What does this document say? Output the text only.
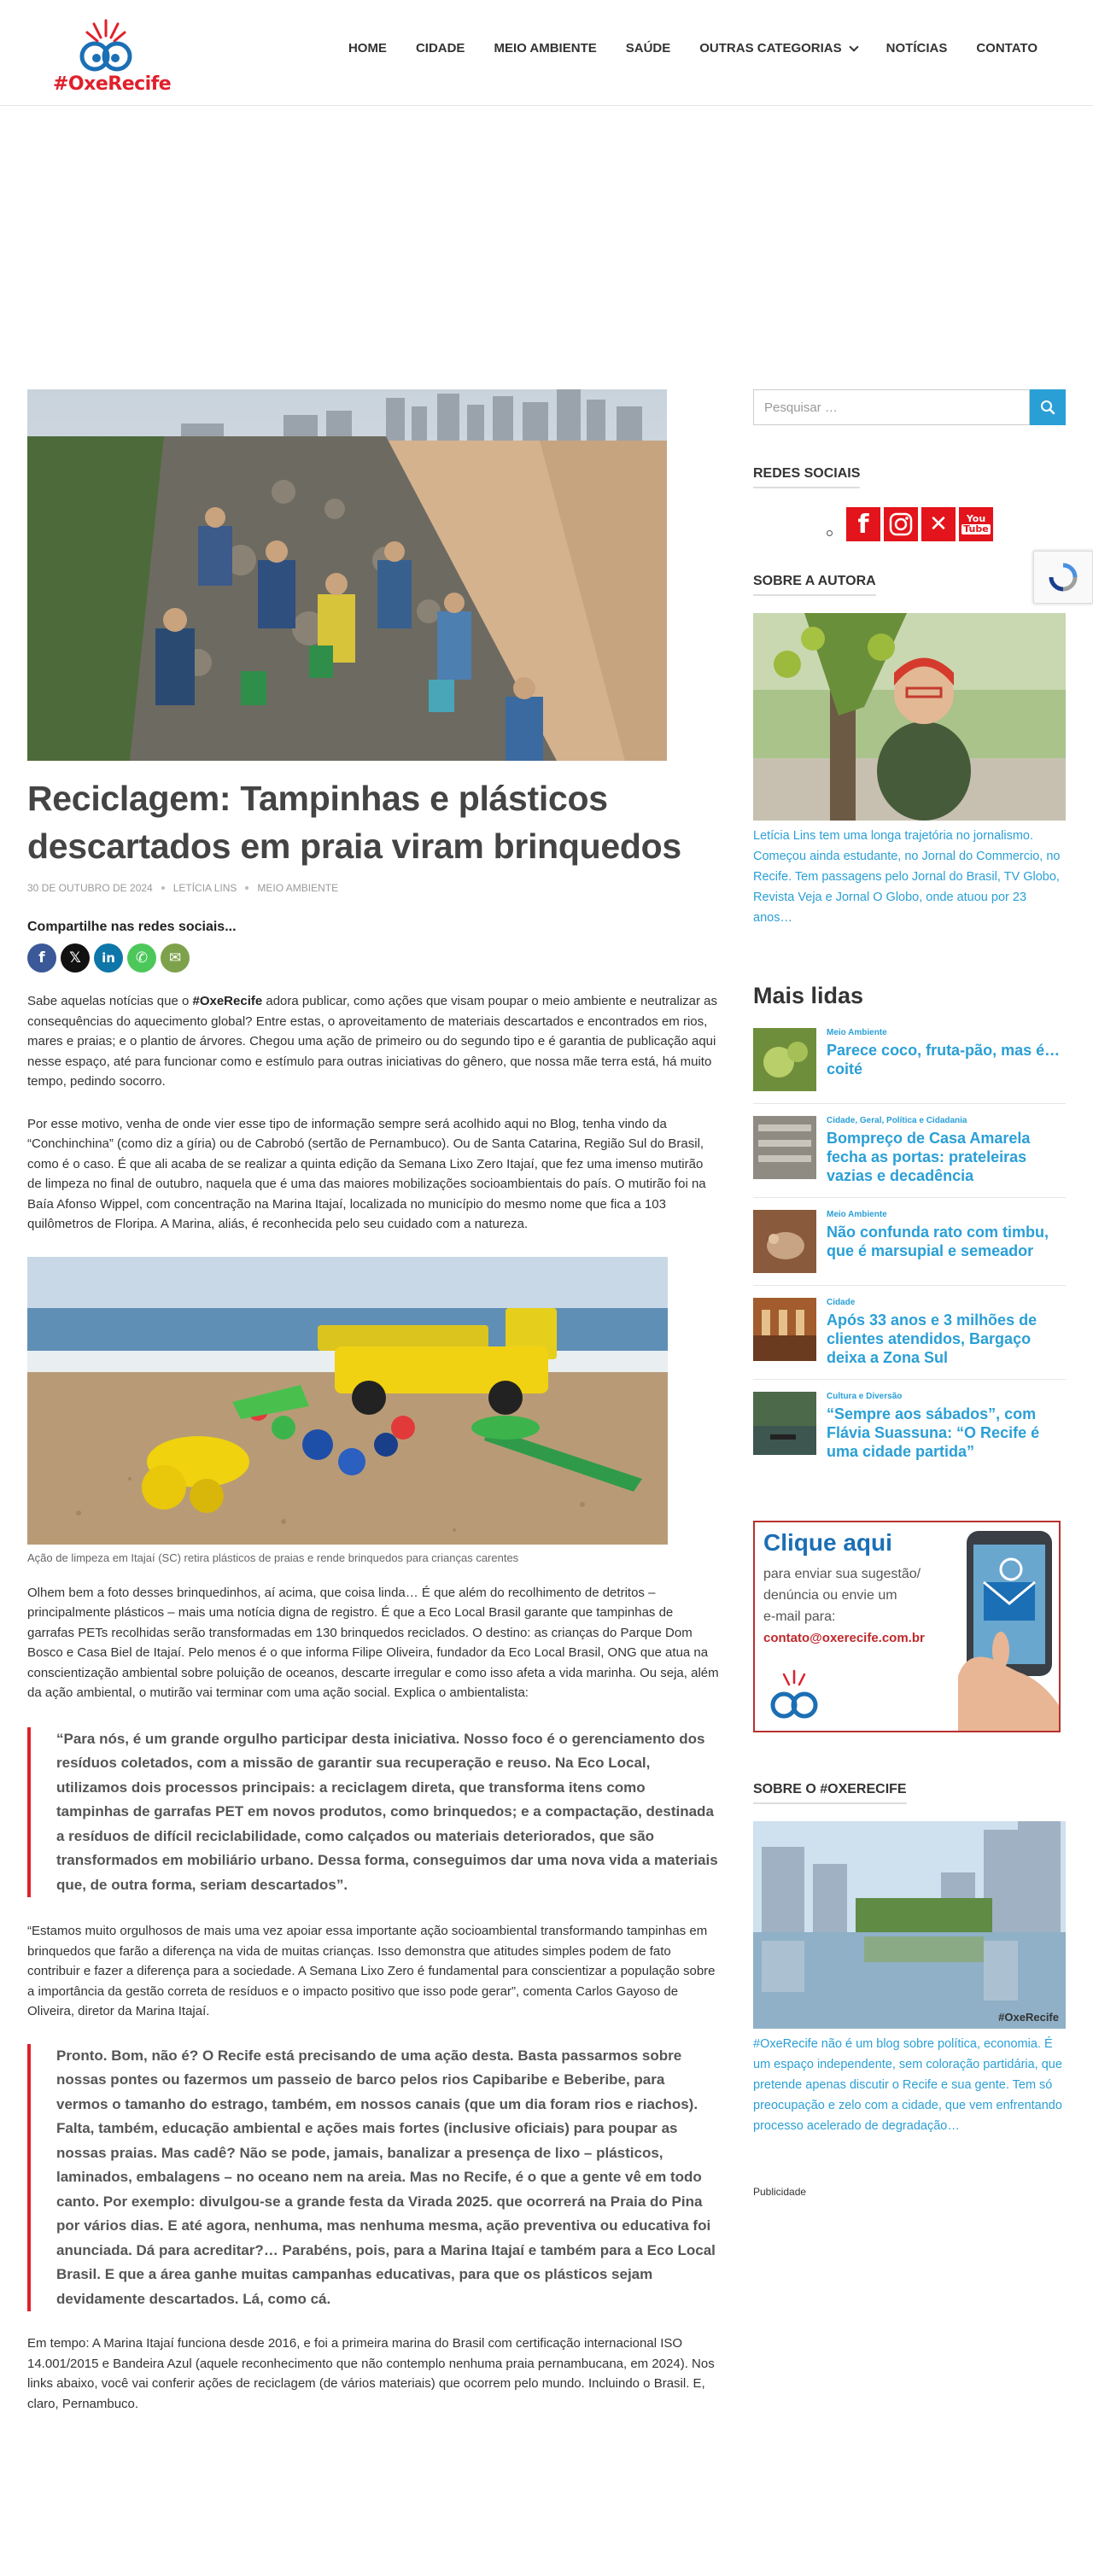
#OxeRecife
HOME	CIDADE	MEIO AMBIENTE	SAÚDE	OUTRAS CATEGORIAS	NOTÍCIAS	CONTATO
Reciclagem: Tampinhas e plásticos descartados em praia viram brinquedos
30 DE OUTUBRO DE 2024 LETÍCIA LINS MEIO AMBIENTE
Compartilhe nas redes sociais...
f	𝕏	in	✆	✉

Sabe aquelas notícias que o #OxeRecife adora publicar, como ações que visam poupar o meio ambiente e neutralizar as consequências do aquecimento global? Entre estas, o aproveitamento de materiais descartados e encontrados em rios, mares e praias; e o plantio de árvores. Chegou uma ação de primeiro ou do segundo tipo e é garantia de publicação aqui nesse espaço, até para funcionar como e estímulo para outras iniciativas do gênero, que nossa mãe terra está, há muito tempo, pedindo socorro.

Por esse motivo, venha de onde vier esse tipo de informação sempre será acolhido aqui no Blog, tenha vindo da “Conchinchina” (como diz a gíria) ou de Cabrobó (sertão de Pernambuco). Ou de Santa Catarina, Região Sul do Brasil, como é o caso. É que ali acaba de se realizar a quinta edição da Semana Lixo Zero Itajaí, que fez uma imenso mutirão de limpeza no final de outubro, naquela que é uma das maiores mobilizações socioambientais do país. O mutirão foi na Baía Afonso Wippel, com concentração na Marina Itajaí, localizada no município do mesmo nome que fica a 103 quilômetros de Floripa. A Marina, aliás, é reconhecida pelo seu cuidado com a natureza.

Ação de limpeza em Itajaí (SC) retira plásticos de praias e rende brinquedos para crianças carentes

Olhem bem a foto desses brinquedinhos, aí acima, que coisa linda… É que além do recolhimento de detritos – principalmente plásticos – mais uma notícia digna de registro. É que a Eco Local Brasil garante que tampinhas de garrafas PETs recolhidas serão transformadas em 130 brinquedos reciclados. O destino: as crianças do Parque Dom Bosco e Casa Biel de Itajaí. Pelo menos é o que informa Filipe Oliveira, fundador da Eco Local Brasil, ONG que atua na conscientização ambiental sobre poluição de oceanos, descarte irregular e como isso afeta a vida marinha. Ou seja, além da ação ambiental, o mutirão vai terminar com uma ação social. Explica o ambientalista:

“Para nós, é um grande orgulho participar desta iniciativa. Nosso foco é o gerenciamento dos resíduos coletados, com a missão de garantir sua recuperação e reuso. Na Eco Local, utilizamos dois processos principais: a reciclagem direta, que transforma itens como tampinhas de garrafas PET em novos produtos, como brinquedos; e a compactação, destinada a resíduos de difícil reciclabilidade, como calçados ou materiais deteriorados, que são transformados em mobiliário urbano. Dessa forma, conseguimos dar uma nova vida a materiais que, de outra forma, seriam descartados”.

“Estamos muito orgulhosos de mais uma vez apoiar essa importante ação socioambiental transformando tampinhas em brinquedos que farão a diferença na vida de muitas crianças. Isso demonstra que atitudes simples podem de fato contribuir e fazer a diferença para a sociedade. A Semana Lixo Zero é fundamental para conscientizar a população sobre a importância da gestão correta de resíduos e o impacto positivo que isso pode gerar”, comenta Carlos Gayoso de Oliveira, diretor da Marina Itajaí.

Pronto. Bom, não é? O Recife está precisando de uma ação desta. Basta passarmos sobre nossas pontes ou fazermos um passeio de barco pelos rios Capibaribe e Beberibe, para vermos o tamanho do estrago, também, em nossos canais (que um dia foram rios e riachos). Falta, também, educação ambiental e ações mais fortes (inclusive oficiais) para poupar as nossas praias. Mas cadê? Não se pode, jamais, banalizar a presença de lixo – plásticos, laminados, embalagens – no oceano nem na areia. Mas no Recife, é o que a gente vê em todo canto. Por exemplo: divulgou-se a grande festa da Virada 2025. que ocorrerá na Praia do Pina por vários dias. E até agora, nenhuma, mas nenhuma mesma, ação preventiva ou educativa foi anunciada. Dá para acreditar?… Parabéns, pois, para a Marina Itajaí e também para a Eco Local Brasil. E que a área ganhe muitas campanhas educativas, para que os plásticos sejam devidamente descartados. Lá, como cá.

Em tempo: A Marina Itajaí funciona desde 2016, e foi a primeira marina do Brasil com certificação internacional ISO 14.001/2015 e Bandeira Azul (aquele reconhecimento que não contemplo nenhuma praia pernambucana, em 2024). Nos links abaixo, você vai conferir ações de reciclagem (de vários materiais) que ocorrem pelo mundo. Incluindo o Brasil. E, claro, Pernambuco.

Pesquisar …
REDES SOCIAIS
f	✕	You
Tube
SOBRE A AUTORA

Letícia Lins tem uma longa trajetória no jornalismo. Começou ainda estudante, no Jornal do Commercio, no Recife. Tem passagens pelo Jornal do Brasil, TV Globo, Revista Veja e Jornal O Globo, onde atuou por 23 anos…

Mais lidas
Meio Ambiente
Parece coco, fruta-pão, mas é… coité
Cidade, Geral, Política e Cidadania
Bompreço de Casa Amarela fecha as portas: prateleiras vazias e decadência
Meio Ambiente
Não confunda rato com timbu, que é marsupial e semeador
Cidade
Após 33 anos e 3 milhões de clientes atendidos, Bargaço deixa a Zona Sul
Cultura e Diversão
“Sempre aos sábados”, com Flávia Suassuna: “O Recife é uma cidade partida”
Clique aqui
para enviar sua sugestão/
denúncia ou envie um
e-mail para:
contato@oxerecife.com.br
SOBRE O #OXERECIFE
#OxeRecife

#OxeRecife não é um blog sobre política, economia. É um espaço independente, sem coloração partidária, que pretende apenas discutir o Recife e sua gente. Tem só preocupação e zelo com a cidade, que vem enfrentando processo acelerado de degradação…

Publicidade
